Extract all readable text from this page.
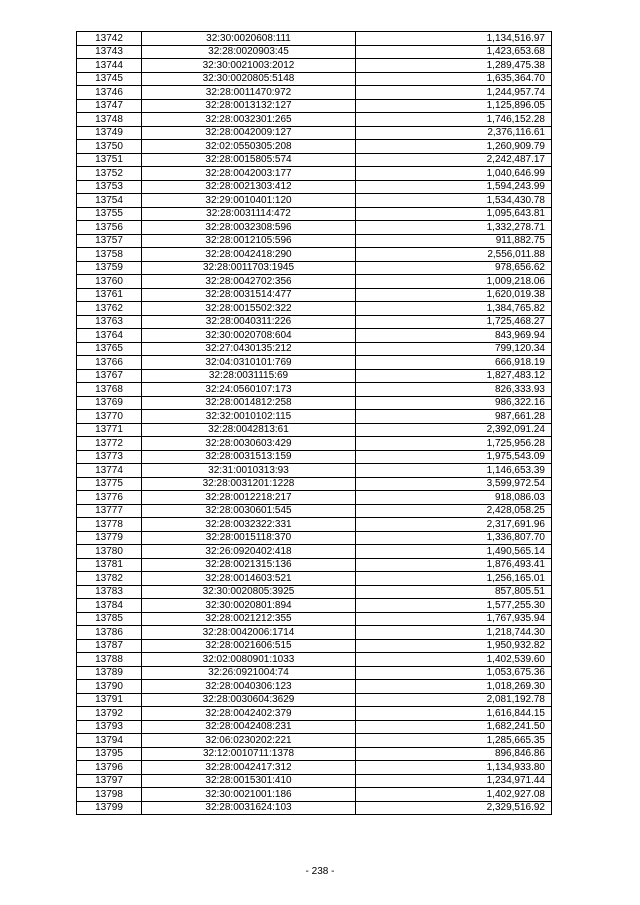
13742	32:30:0020608:111	1,134,516.97
13743	32:28:0020903:45	1,423,653.68
13744	32:30:0021003:2012	1,289,475.38
13745	32:30:0020805:5148	1,635,364.70
13746	32:28:0011470:972	1,244,957.74
13747	32:28:0013132:127	1,125,896.05
13748	32:28:0032301:265	1,746,152.28
13749	32:28:0042009:127	2,376,116.61
13750	32:02:0550305:208	1,260,909.79
13751	32:28:0015805:574	2,242,487.17
13752	32:28:0042003:177	1,040,646.99
13753	32:28:0021303:412	1,594,243.99
13754	32:29:0010401:120	1,534,430.78
13755	32:28:0031114:472	1,095,643.81
13756	32:28:0032308:596	1,332,278.71
13757	32:28:0012105:596	911,882.75
13758	32:28:0042418:290	2,556,011.88
13759	32:28:0011703:1945	978,656.62
13760	32:28:0042702:356	1,009,218.06
13761	32:28:0031514:477	1,620,019.38
13762	32:28:0015502:322	1,384,765.82
13763	32:28:0040311:226	1,725,468.27
13764	32:30:0020708:604	843,969.94
13765	32:27:0430135:212	799,120.34
13766	32:04:0310101:769	666,918.19
13767	32:28:0031115:69	1,827,483.12
13768	32:24:0560107:173	826,333.93
13769	32:28:0014812:258	986,322.16
13770	32:32:0010102:115	987,661.28
13771	32:28:0042813:61	2,392,091.24
13772	32:28:0030603:429	1,725,956.28
13773	32:28:0031513:159	1,975,543.09
13774	32:31:0010313:93	1,146,653.39
13775	32:28:0031201:1228	3,599,972.54
13776	32:28:0012218:217	918,086.03
13777	32:28:0030601:545	2,428,058.25
13778	32:28:0032322:331	2,317,691.96
13779	32:28:0015118:370	1,336,807.70
13780	32:26:0920402:418	1,490,565.14
13781	32:28:0021315:136	1,876,493.41
13782	32:28:0014603:521	1,256,165.01
13783	32:30:0020805:3925	857,805.51
13784	32:30:0020801:894	1,577,255.30
13785	32:28:0021212:355	1,767,935.94
13786	32:28:0042006:1714	1,218,744.30
13787	32:28:0021606:515	1,950,932.82
13788	32:02:0080901:1033	1,402,539.60
13789	32:26:0921004:74	1,053,675.36
13790	32:28:0040306:123	1,018,269.30
13791	32:28:0030604:3629	2,081,192.78
13792	32:28:0042402:379	1,616,844.15
13793	32:28:0042408:231	1,682,241.50
13794	32:06:0230202:221	1,285,665.35
13795	32:12:0010711:1378	896,846.86
13796	32:28:0042417:312	1,134,933.80
13797	32:28:0015301:410	1,234,971.44
13798	32:30:0021001:186	1,402,927.08
13799	32:28:0031624:103	2,329,516.92
- 238 -
